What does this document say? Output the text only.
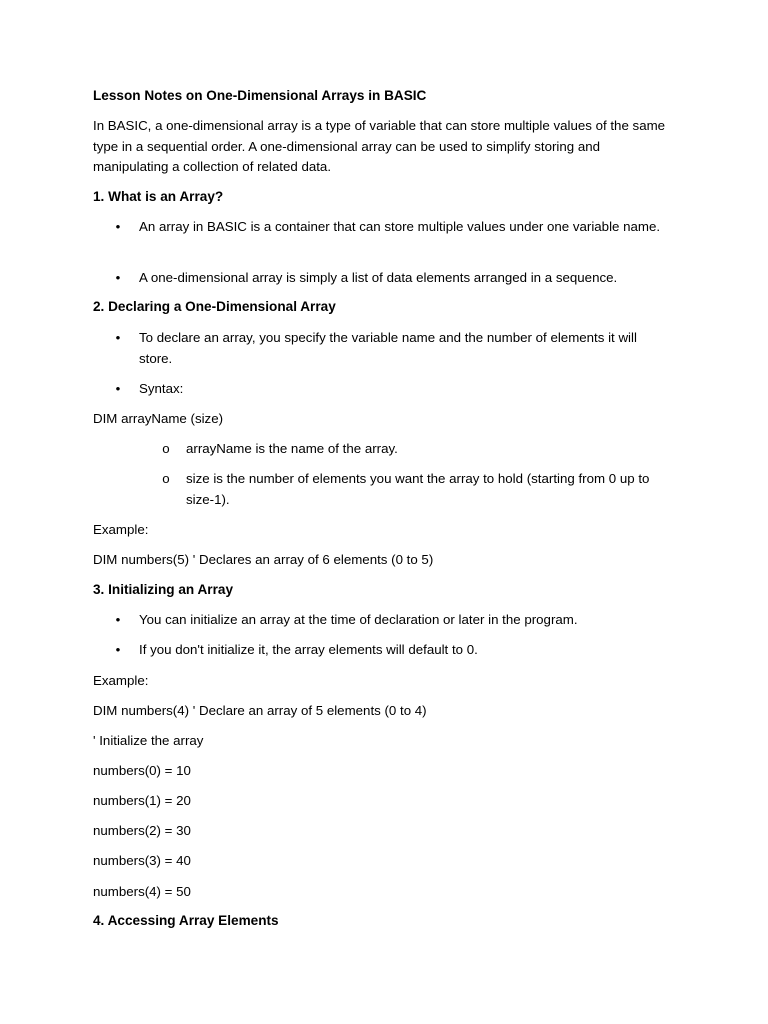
Lesson Notes on One-Dimensional Arrays in BASIC
In BASIC, a one-dimensional array is a type of variable that can store multiple values of the same type in a sequential order. A one-dimensional array can be used to simplify storing and manipulating a collection of related data.
1. What is an Array?
• An array in BASIC is a container that can store multiple values under one variable name.
• A one-dimensional array is simply a list of data elements arranged in a sequence.
2. Declaring a One-Dimensional Array
• To declare an array, you specify the variable name and the number of elements it will store.
• Syntax:
DIM arrayName (size)
o arrayName is the name of the array.
o size is the number of elements you want the array to hold (starting from 0 up to size-1).
Example:
DIM numbers(5) ' Declares an array of 6 elements (0 to 5)
3. Initializing an Array
• You can initialize an array at the time of declaration or later in the program.
• If you don't initialize it, the array elements will default to 0.
Example:
DIM numbers(4) ' Declare an array of 5 elements (0 to 4)
' Initialize the array
numbers(0) = 10
numbers(1) = 20
numbers(2) = 30
numbers(3) = 40
numbers(4) = 50
4. Accessing Array Elements
